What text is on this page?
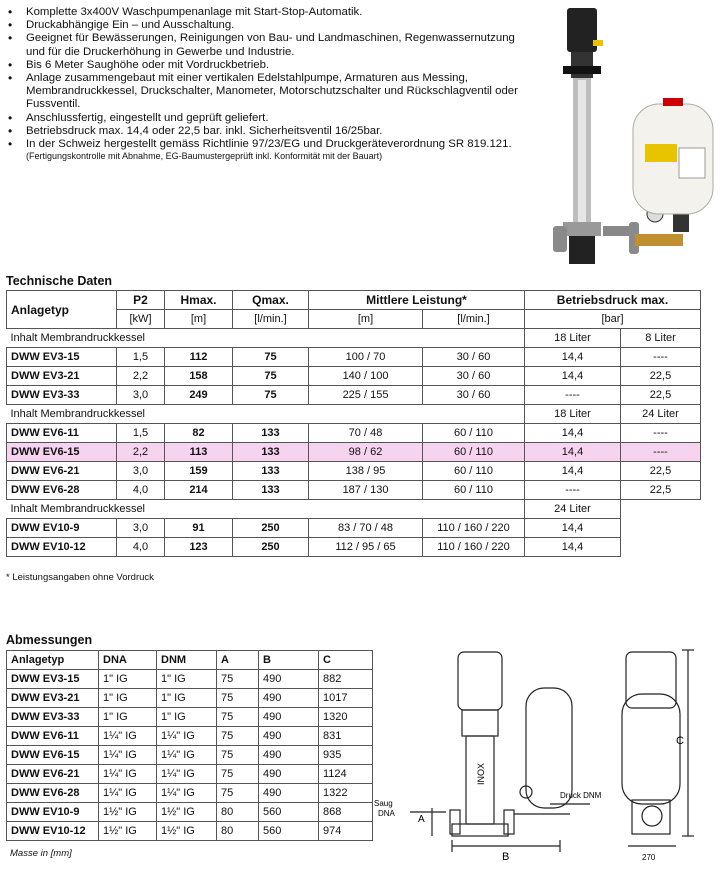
• Komplette 3x400V Waschpumpenanlage mit Start-Stop-Automatik.
• Druckabhängige Ein – und Ausschaltung.
• Geeignet für Bewässerungen, Reinigungen von Bau- und Landmaschinen, Regenwassernutzung und für die Druckerhöhung in Gewerbe und Industrie.
• Bis 6 Meter Saughöhe oder mit Vordruckbetrieb.
• Anlage zusammengebaut mit einer vertikalen Edelstahlpumpe, Armaturen aus Messing, Membrandruckkessel, Druckschalter, Manometer, Motorschutzschalter und Rückschlagventil oder Fussventil.
• Anschlussfertig, eingestellt und geprüft geliefert.
• Betriebsdruck max. 14,4 oder 22,5 bar. inkl. Sicherheitsventil 16/25bar.
• In der Schweiz hergestellt gemäss Richtlinie 97/23/EG und Druckgeräteverordnung SR 819.121.
(Fertigungskontrolle mit Abnahme, EG-Baumustergeprüft inkl. Konformität mit der Bauart)
Technische Daten
Anlagetyp	P2	Hmax.	Qmax.	Mittlere Leistung*		Betriebsdruck max.	
	[kW]	[m]	[l/min.]	[m]	[l/min.]	[bar]	
Inhalt Membrandruckkessel						18 Liter	8 Liter
DWW EV3-15	1,5	112	75	100 / 70	30 / 60	14,4	----
DWW EV3-21	2,2	158	75	140 / 100	30 / 60	14,4	22,5
DWW EV3-33	3,0	249	75	225 / 155	30 / 60	----	22,5
Inhalt Membrandruckkessel						18 Liter	24 Liter
DWW EV6-11	1,5	82	133	70 / 48	60 / 110	14,4	----
DWW EV6-15	2,2	113	133	98 / 62	60 / 110	14,4	----
DWW EV6-21	3,0	159	133	138 / 95	60 / 110	14,4	22,5
DWW EV6-28	4,0	214	133	187 / 130	60 / 110	----	22,5
Inhalt Membrandruckkessel						24 Liter	
DWW EV10-9	3,0	91	250	83 / 70 / 48	110 / 160 / 220	14,4	
DWW EV10-12	4,0	123	250	112 / 95 / 65	110 / 160 / 220	14,4	
* Leistungsangaben ohne Vordruck
Abmessungen
Anlagetyp	DNA	DNM	A	B	C
DWW EV3-15	1" IG	1" IG	75	490	882
DWW EV3-21	1" IG	1" IG	75	490	1017
DWW EV3-33	1" IG	1" IG	75	490	1320
DWW EV6-11	1¼" IG	1¼" IG	75	490	831
DWW EV6-15	1¼" IG	1¼" IG	75	490	935
DWW EV6-21	1¼" IG	1¼" IG	75	490	1124
DWW EV6-28	1¼" IG	1¼" IG	75	490	1322
DWW EV10-9	1½" IG	1½" IG	80	560	868
DWW EV10-12	1½" IG	1½" IG	80	560	974
Masse in [mm]
INOX
Saug
DNA
Druck DNM
A
B
C
270
